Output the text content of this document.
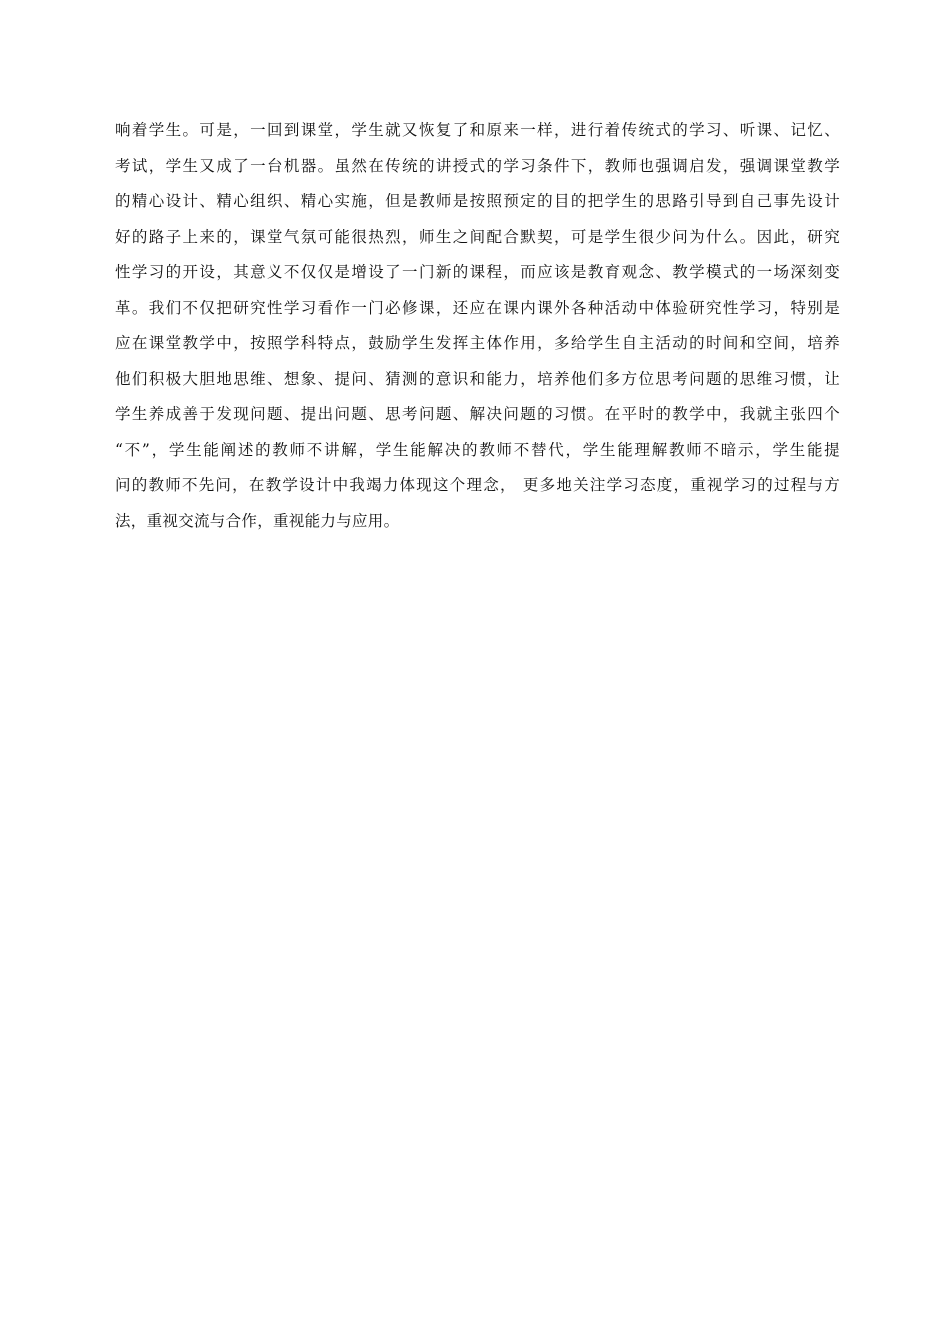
响着学生。可是，一回到课堂，学生就又恢复了和原来一样，进行着传统式的学习、听课、记忆、
考试，学生又成了一台机器。虽然在传统的讲授式的学习条件下，教师也强调启发，强调课堂教学
的精心设计、精心组织、精心实施，但是教师是按照预定的目的把学生的思路引导到自己事先设计
好的路子上来的，课堂气氛可能很热烈，师生之间配合默契，可是学生很少问为什么。因此，研究
性学习的开设，其意义不仅仅是增设了一门新的课程，而应该是教育观念、教学模式的一场深刻变
革。我们不仅把研究性学习看作一门必修课，还应在课内课外各种活动中体验研究性学习，特别是
应在课堂教学中，按照学科特点，鼓励学生发挥主体作用，多给学生自主活动的时间和空间，培养
他们积极大胆地思维、想象、提问、猜测的意识和能力，培养他们多方位思考问题的思维习惯，让
学生养成善于发现问题、提出问题、思考问题、解决问题的习惯。在平时的教学中，我就主张四个
“不”，学生能阐述的教师不讲解，学生能解决的教师不替代，学生能理解教师不暗示，学生能提
问的教师不先问，在教学设计中我竭力体现这个理念， 更多地关注学习态度，重视学习的过程与方
法，重视交流与合作，重视能力与应用。
